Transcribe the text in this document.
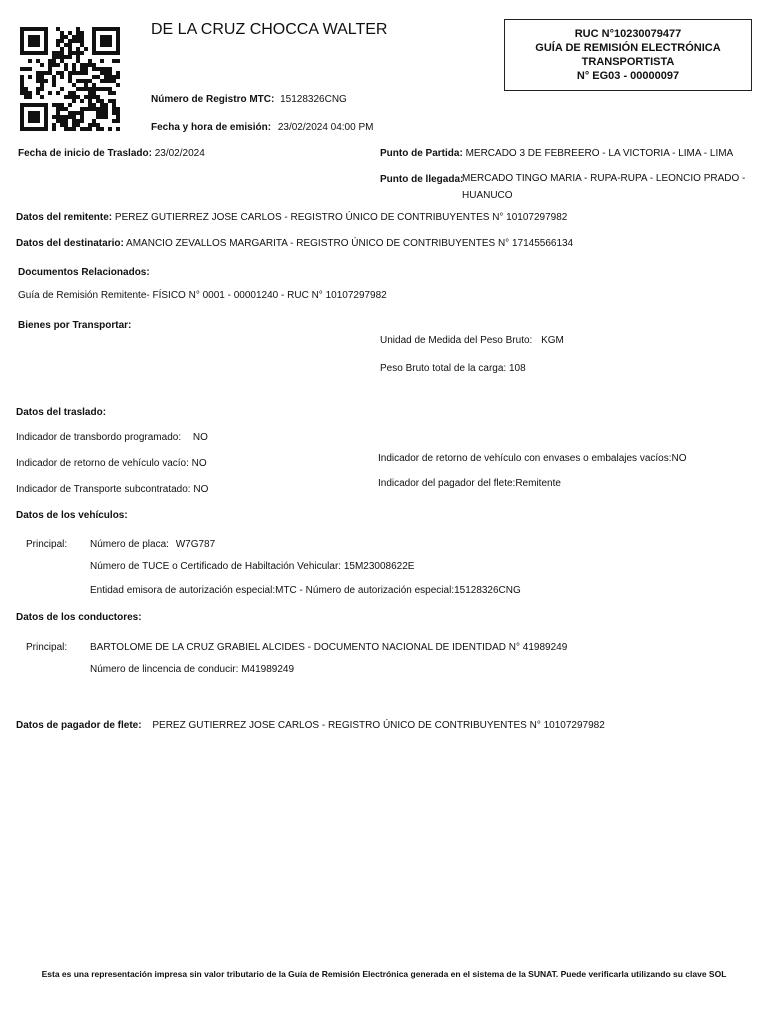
DE LA CRUZ CHOCCA WALTER
Número de Registro MTC: 15128326CNG
Fecha y hora de emisión: 23/02/2024 04:00 PM
RUC N°10230079477
GUÍA DE REMISIÓN ELECTRÓNICA
TRANSPORTISTA
N° EG03 - 00000097
Fecha de inicio de Traslado: 23/02/2024	Punto de Partida: MERCADO 3 DE FEBREERO - LA VICTORIA - LIMA - LIMA
Punto de llegada:
MERCADO TINGO MARIA - RUPA-RUPA - LEONCIO PRADO - HUANUCO
Datos del remitente: PEREZ GUTIERREZ JOSE CARLOS - REGISTRO ÚNICO DE CONTRIBUYENTES N° 10107297982
Datos del destinatario: AMANCIO ZEVALLOS MARGARITA - REGISTRO ÚNICO DE CONTRIBUYENTES N° 17145566134
Documentos Relacionados:
Guía de Remisión Remitente- FÍSICO N° 0001 - 00001240 - RUC N° 10107297982
Bienes por Transportar:
Unidad de Medida del Peso Bruto: KGM
Peso Bruto total de la carga: 108
Datos del traslado:
Indicador de transbordo programado: NO
Indicador de retorno de vehículo vacío: NO
Indicador de Transporte subcontratado: NO
Indicador de retorno de vehículo con envases o embalajes vacíos:NO
Indicador del pagador del flete:Remitente
Datos de los vehículos:
Principal: Número de placa: W7G787
Número de TUCE o Certificado de Habiltación Vehicular: 15M23008622E
Entidad emisora de autorización especial:MTC - Número de autorización especial:15128326CNG
Datos de los conductores:
Principal: BARTOLOME DE LA CRUZ GRABIEL ALCIDES - DOCUMENTO NACIONAL DE IDENTIDAD N° 41989249
Número de lincencia de conducir: M41989249
Datos de pagador de flete: PEREZ GUTIERREZ JOSE CARLOS - REGISTRO ÚNICO DE CONTRIBUYENTES N° 10107297982
Esta es una representación impresa sin valor tributario de la Guía de Remisión Electrónica generada en el sistema de la SUNAT. Puede verificarla utilizando su clave SOL
